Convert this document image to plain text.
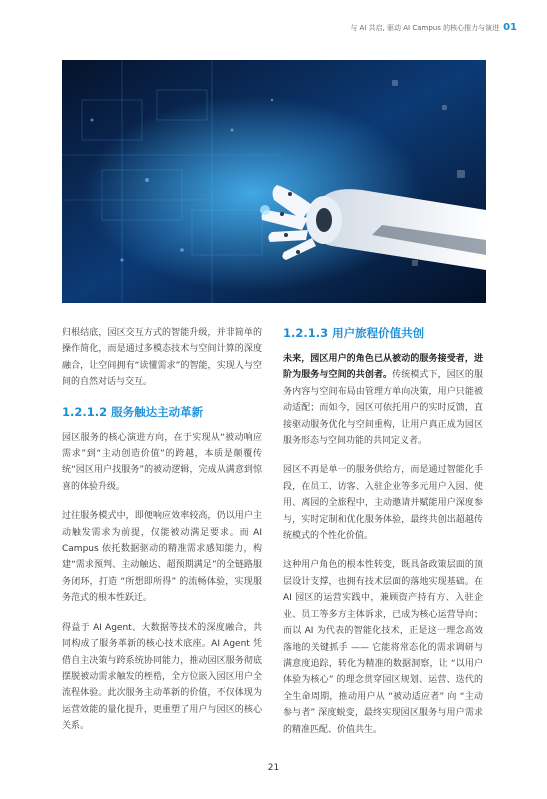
与 AI 共启, 驱动 AI Campus 的核心推力与演进 01

归根结底，园区交互方式的智能升级，并非简单的操作简化，而是通过多模态技术与空间计算的深度融合，让空间拥有“读懂需求”的智能，实现人与空间的自然对话与交互。

1.2.1.2 服务触达主动革新

园区服务的核心演进方向，在于实现从“被动响应需求”到“主动创造价值”的跨越，本质是颠覆传统“园区用户找服务”的被动逻辑，完成从满意到惊喜的体验升级。

过往服务模式中，即便响应效率较高，仍以用户主动触发需求为前提，仅能被动满足要求。而 AI Campus 依托数据驱动的精准需求感知能力，构建“需求预判、主动触达、超预期满足”的全链路服务闭环，打造 “所想即所得” 的流畅体验，实现服务范式的根本性跃迁。

得益于 AI Agent、大数据等技术的深度融合，共同构成了服务革新的核心技术底座。AI Agent 凭借自主决策与跨系统协同能力，推动园区服务彻底摆脱被动需求触发的桎梏，全方位嵌入园区用户全流程体验。此次服务主动革新的价值，不仅体现为运营效能的量化提升，更重塑了用户与园区的核心关系。

1.2.1.3 用户旅程价值共创

未来，园区用户的角色已从被动的服务接受者，进阶为服务与空间的共创者。传统模式下，园区的服务内容与空间布局由管理方单向决策，用户只能被动适配；而如今，园区可依托用户的实时反馈，直接驱动服务优化与空间重构，让用户真正成为园区服务形态与空间功能的共同定义者。

园区不再是单一的服务供给方，而是通过智能化手段，在员工、访客、入驻企业等多元用户入园、使用、离园的全旅程中，主动邀请并赋能用户深度参与，实时定制和优化服务体验，最终共创出超越传统模式的个性化价值。

这种用户角色的根本性转变，既具备政策层面的顶层设计支撑，也拥有技术层面的落地实现基础。在 AI 园区的运营实践中，兼顾资产持有方、入驻企业、员工等多方主体诉求，已成为核心运营导向；而以 AI 为代表的智能化技术，正是这一理念高效落地的关键抓手 —— 它能将常态化的需求调研与满意度追踪，转化为精准的数据洞察，让 “以用户体验为核心” 的理念贯穿园区规划、运营、迭代的全生命周期，推动用户从 “被动适应者” 向 “主动参与者” 深度蜕变，最终实现园区服务与用户需求的精准匹配、价值共生。

21
